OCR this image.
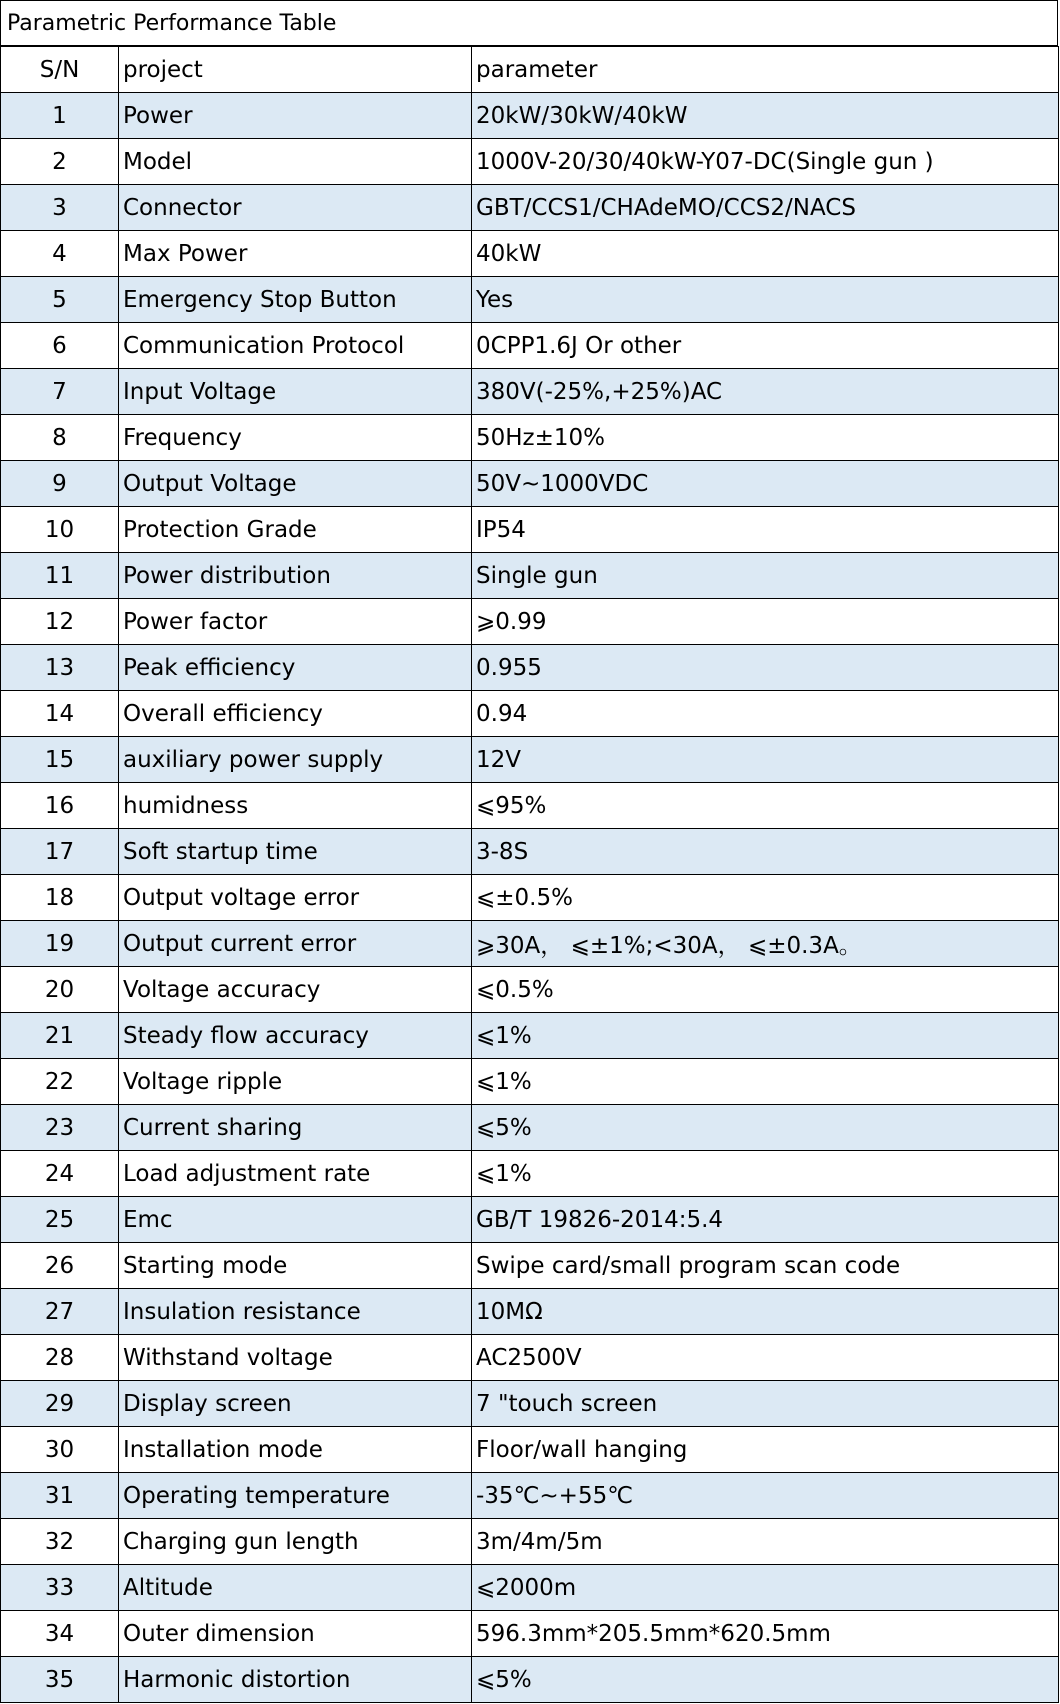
Parametric Performance Table
S/N	project	parameter
1	Power	20kW/30kW/40kW
2	Model	1000V-20/30/40kW-Y07-DC(Single gun )
3	Connector	GBT/CCS1/CHAdeMO/CCS2/NACS
4	Max Power	40kW
5	Emergency Stop Button	Yes
6	Communication Protocol	0CPP1.6J Or other
7	Input Voltage	380V(-25%,+25%)AC
8	Frequency	50Hz±10%
9	Output Voltage	50V~1000VDC
10	Protection Grade	IP54
11	Power distribution	Single gun
12	Power factor	⩾0.99
13	Peak efficiency	0.955
14	Overall efficiency	0.94
15	auxiliary power supply	12V
16	humidness	⩽95%
17	Soft startup time	3-8S
18	Output voltage error	⩽±0.5%
19	Output current error	⩾30A， ⩽±1%;<30A， ⩽±0.3A。
20	Voltage accuracy	⩽0.5%
21	Steady flow accuracy	⩽1%
22	Voltage ripple	⩽1%
23	Current sharing	⩽5%
24	Load adjustment rate	⩽1%
25	Emc	GB/T 19826-2014:5.4
26	Starting mode	Swipe card/small program scan code
27	Insulation resistance	10MΩ
28	Withstand voltage	AC2500V
29	Display screen	7 "touch screen
30	Installation mode	Floor/wall hanging
31	Operating temperature	-35℃~+55℃
32	Charging gun length	3m/4m/5m
33	Altitude	⩽2000m
34	Outer dimension	596.3mm*205.5mm*620.5mm
35	Harmonic distortion	⩽5%
